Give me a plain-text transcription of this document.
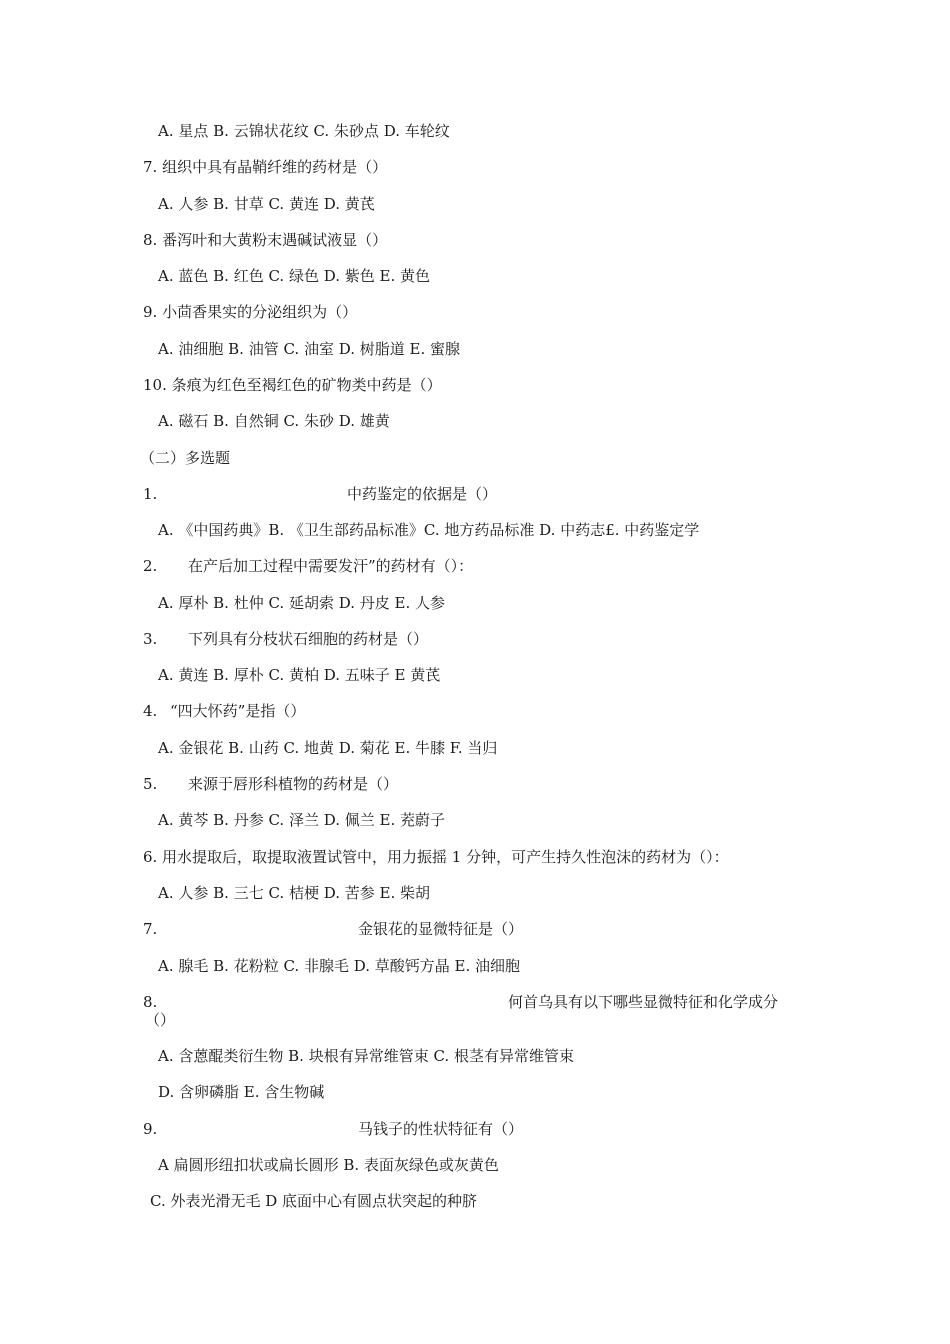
A. 星点 B. 云锦状花纹 C. 朱砂点 D. 车轮纹
7. 组织中具有晶鞘纤维的药材是（）
A. 人参 B. 甘草 C. 黄连 D. 黄芪
8. 番泻叶和大黄粉末遇碱试液显（）
A. 蓝色 B. 红色 C. 绿色 D. 紫色 E. 黄色
9. 小茴香果实的分泌组织为（）
A. 油细胞 B. 油管 C. 油室 D. 树脂道 E. 蜜腺
10. 条痕为红色至褐红色的矿物类中药是（）
A. 磁石 B. 自然铜 C. 朱砂 D. 雄黄
（二）多选题
1.	中药鉴定的依据是（）
A. 《中国药典》B. 《卫生部药品标准》C. 地方药品标准 D. 中药志£. 中药鉴定学
2. 在产后加工过程中需要发汗”的药材有（）：
A. 厚朴 B. 杜仲 C. 延胡索 D. 丹皮 E. 人参
3. 下列具有分枝状石细胞的药材是（）
A. 黄连 B. 厚朴 C. 黄柏 D. 五味子 E 黄芪
4. “四大怀药”是指（）
A. 金银花 B. 山药 C. 地黄 D. 菊花 E. 牛膝 F. 当归
5. 来源于唇形科植物的药材是（）
A. 黄芩 B. 丹参 C. 泽兰 D. 佩兰 E. 茺蔚子
6. 用水提取后，取提取液置试管中，用力振摇 1 分钟，可产生持久性泡沫的药材为（）：
A. 人参 B. 三七 C. 桔梗 D. 苦参 E. 柴胡
7.	金银花的显微特征是（）
A. 腺毛 B. 花粉粒 C. 非腺毛 D. 草酸钙方晶 E. 油细胞
8.	何首乌具有以下哪些显微特征和化学成分
（）
A. 含蒽醌类衍生物 B. 块根有异常维管束 C. 根茎有异常维管束
D. 含卵磷脂 E. 含生物碱
9.	马钱子的性状特征有（）
A 扁圆形纽扣状或扁长圆形 B. 表面灰绿色或灰黄色
C. 外表光滑无毛 D 底面中心有圆点状突起的种脐
